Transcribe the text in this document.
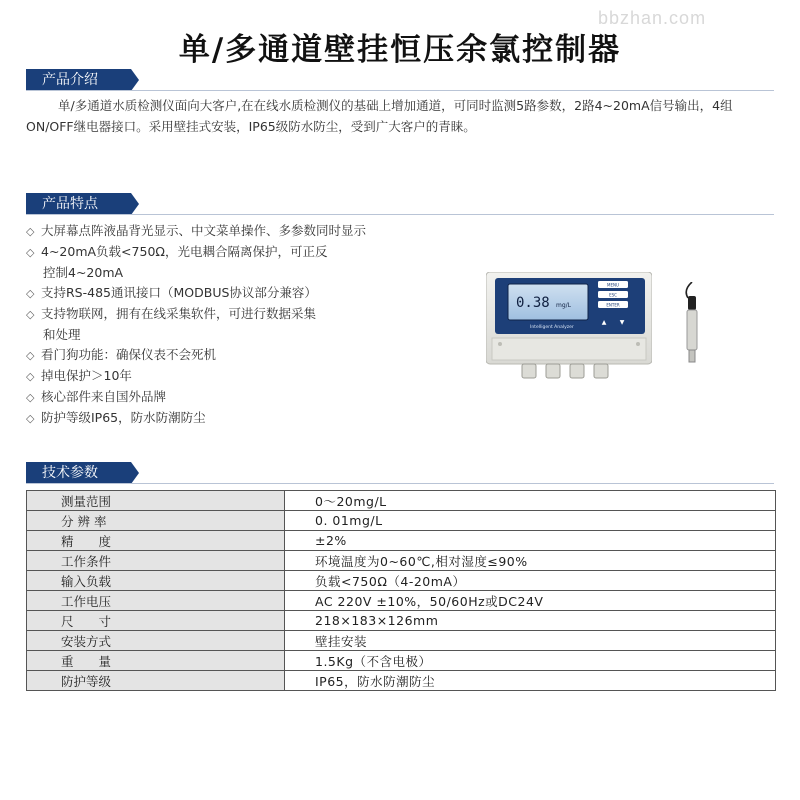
bbzhan.com
单/多通道壁挂恒压余氯控制器
产品介绍
单/多通道水质检测仪面向大客户,在在线水质检测仪的基础上增加通道，可同时监测5路参数，2路4~20mA信号输出，4组ON/OFF继电器接口。采用壁挂式安装，IP65级防水防尘，受到广大客户的青睐。
产品特点
◇ 大屏幕点阵液晶背光显示、中文菜单操作、多参数同时显示
◇ 4~20mA负载<750Ω，光电耦合隔离保护，可正反
控制4~20mA
◇ 支持RS-485通讯接口（MODBUS协议部分兼容）
◇ 支持物联网，拥有在线采集软件，可进行数据采集
和处理
◇ 看门狗功能：确保仪表不会死机
◇ 掉电保护＞10年
◇ 核心部件来自国外品牌
◇ 防护等级IP65，防水防潮防尘
0.38 mg/L
Intelligent Analyzer
MENU
ESC
ENTER
▲ ▼
技术参数
测量范围	0～20mg/L
分 辨 率	0. 01mg/L
精　　度	±2%
工作条件	环境温度为0~60℃,相对湿度≤90%
输入负载	负载<750Ω（4-20mA）
工作电压	AC 220V ±10%，50/60Hz或DC24V
尺　　寸	218×183×126mm
安装方式	壁挂安装
重　　量	1.5Kg（不含电极）
防护等级	IP65，防水防潮防尘
